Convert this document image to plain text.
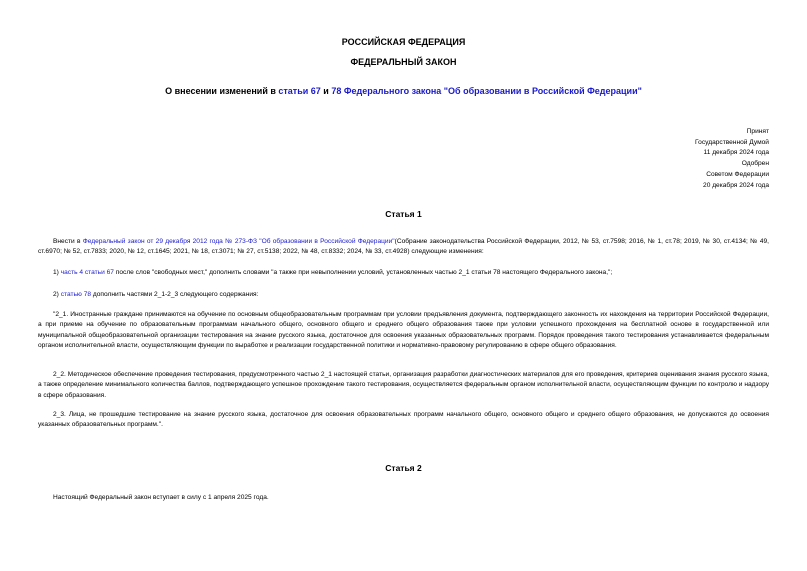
РОССИЙСКАЯ ФЕДЕРАЦИЯ
ФЕДЕРАЛЬНЫЙ ЗАКОН
О внесении изменений в статьи 67 и 78 Федерального закона "Об образовании в Российской Федерации"
Принят
Государственной Думой
11 декабря 2024 года
Одобрен
Советом Федерации
20 декабря 2024 года
Статья 1
Внести в Федеральный закон от 29 декабря 2012 года № 273-ФЗ "Об образовании в Российской Федерации"(Собрание законодательства Российской Федерации, 2012, № 53, ст.7598; 2016, № 1, ст.78; 2019, № 30, ст.4134; № 49, ст.6970; № 52, ст.7833; 2020, № 12, ст.1645; 2021, № 18, ст.3071; № 27, ст.5138; 2022, № 48, ст.8332; 2024, № 33, ст.4928) следующие изменения:
1) часть 4 статьи 67 после слов "свободных мест," дополнить словами "а также при невыполнении условий, установленных частью 2_1 статьи 78 настоящего Федерального закона,";
2) статью 78 дополнить частями 2_1-2_3 следующего содержания:
"2_1. Иностранные граждане принимаются на обучение по основным общеобразовательным программам при условии предъявления документа, подтверждающего законность их нахождения на территории Российской Федерации, а при приеме на обучение по образовательным программам начального общего, основного общего и среднего общего образования также при условии успешного прохождения на бесплатной основе в государственной или муниципальной общеобразовательной организации тестирования на знание русского языка, достаточное для освоения указанных образовательных программ. Порядок проведения такого тестирования устанавливается федеральным органом исполнительной власти, осуществляющим функции по выработке и реализации государственной политики и нормативно-правовому регулированию в сфере общего образования.
2_2. Методическое обеспечение проведения тестирования, предусмотренного частью 2_1 настоящей статьи, организация разработки диагностических материалов для его проведения, критериев оценивания знания русского языка, а также определение минимального количества баллов, подтверждающего успешное прохождение такого тестирования, осуществляется федеральным органом исполнительной власти, осуществляющим функции по контролю и надзору в сфере образования.
2_3. Лица, не прошедшие тестирование на знание русского языка, достаточное для освоения образовательных программ начального общего, основного общего и среднего общего образования, не допускаются до освоения указанных образовательных программ.".
Статья 2
Настоящий Федеральный закон вступает в силу с 1 апреля 2025 года.
